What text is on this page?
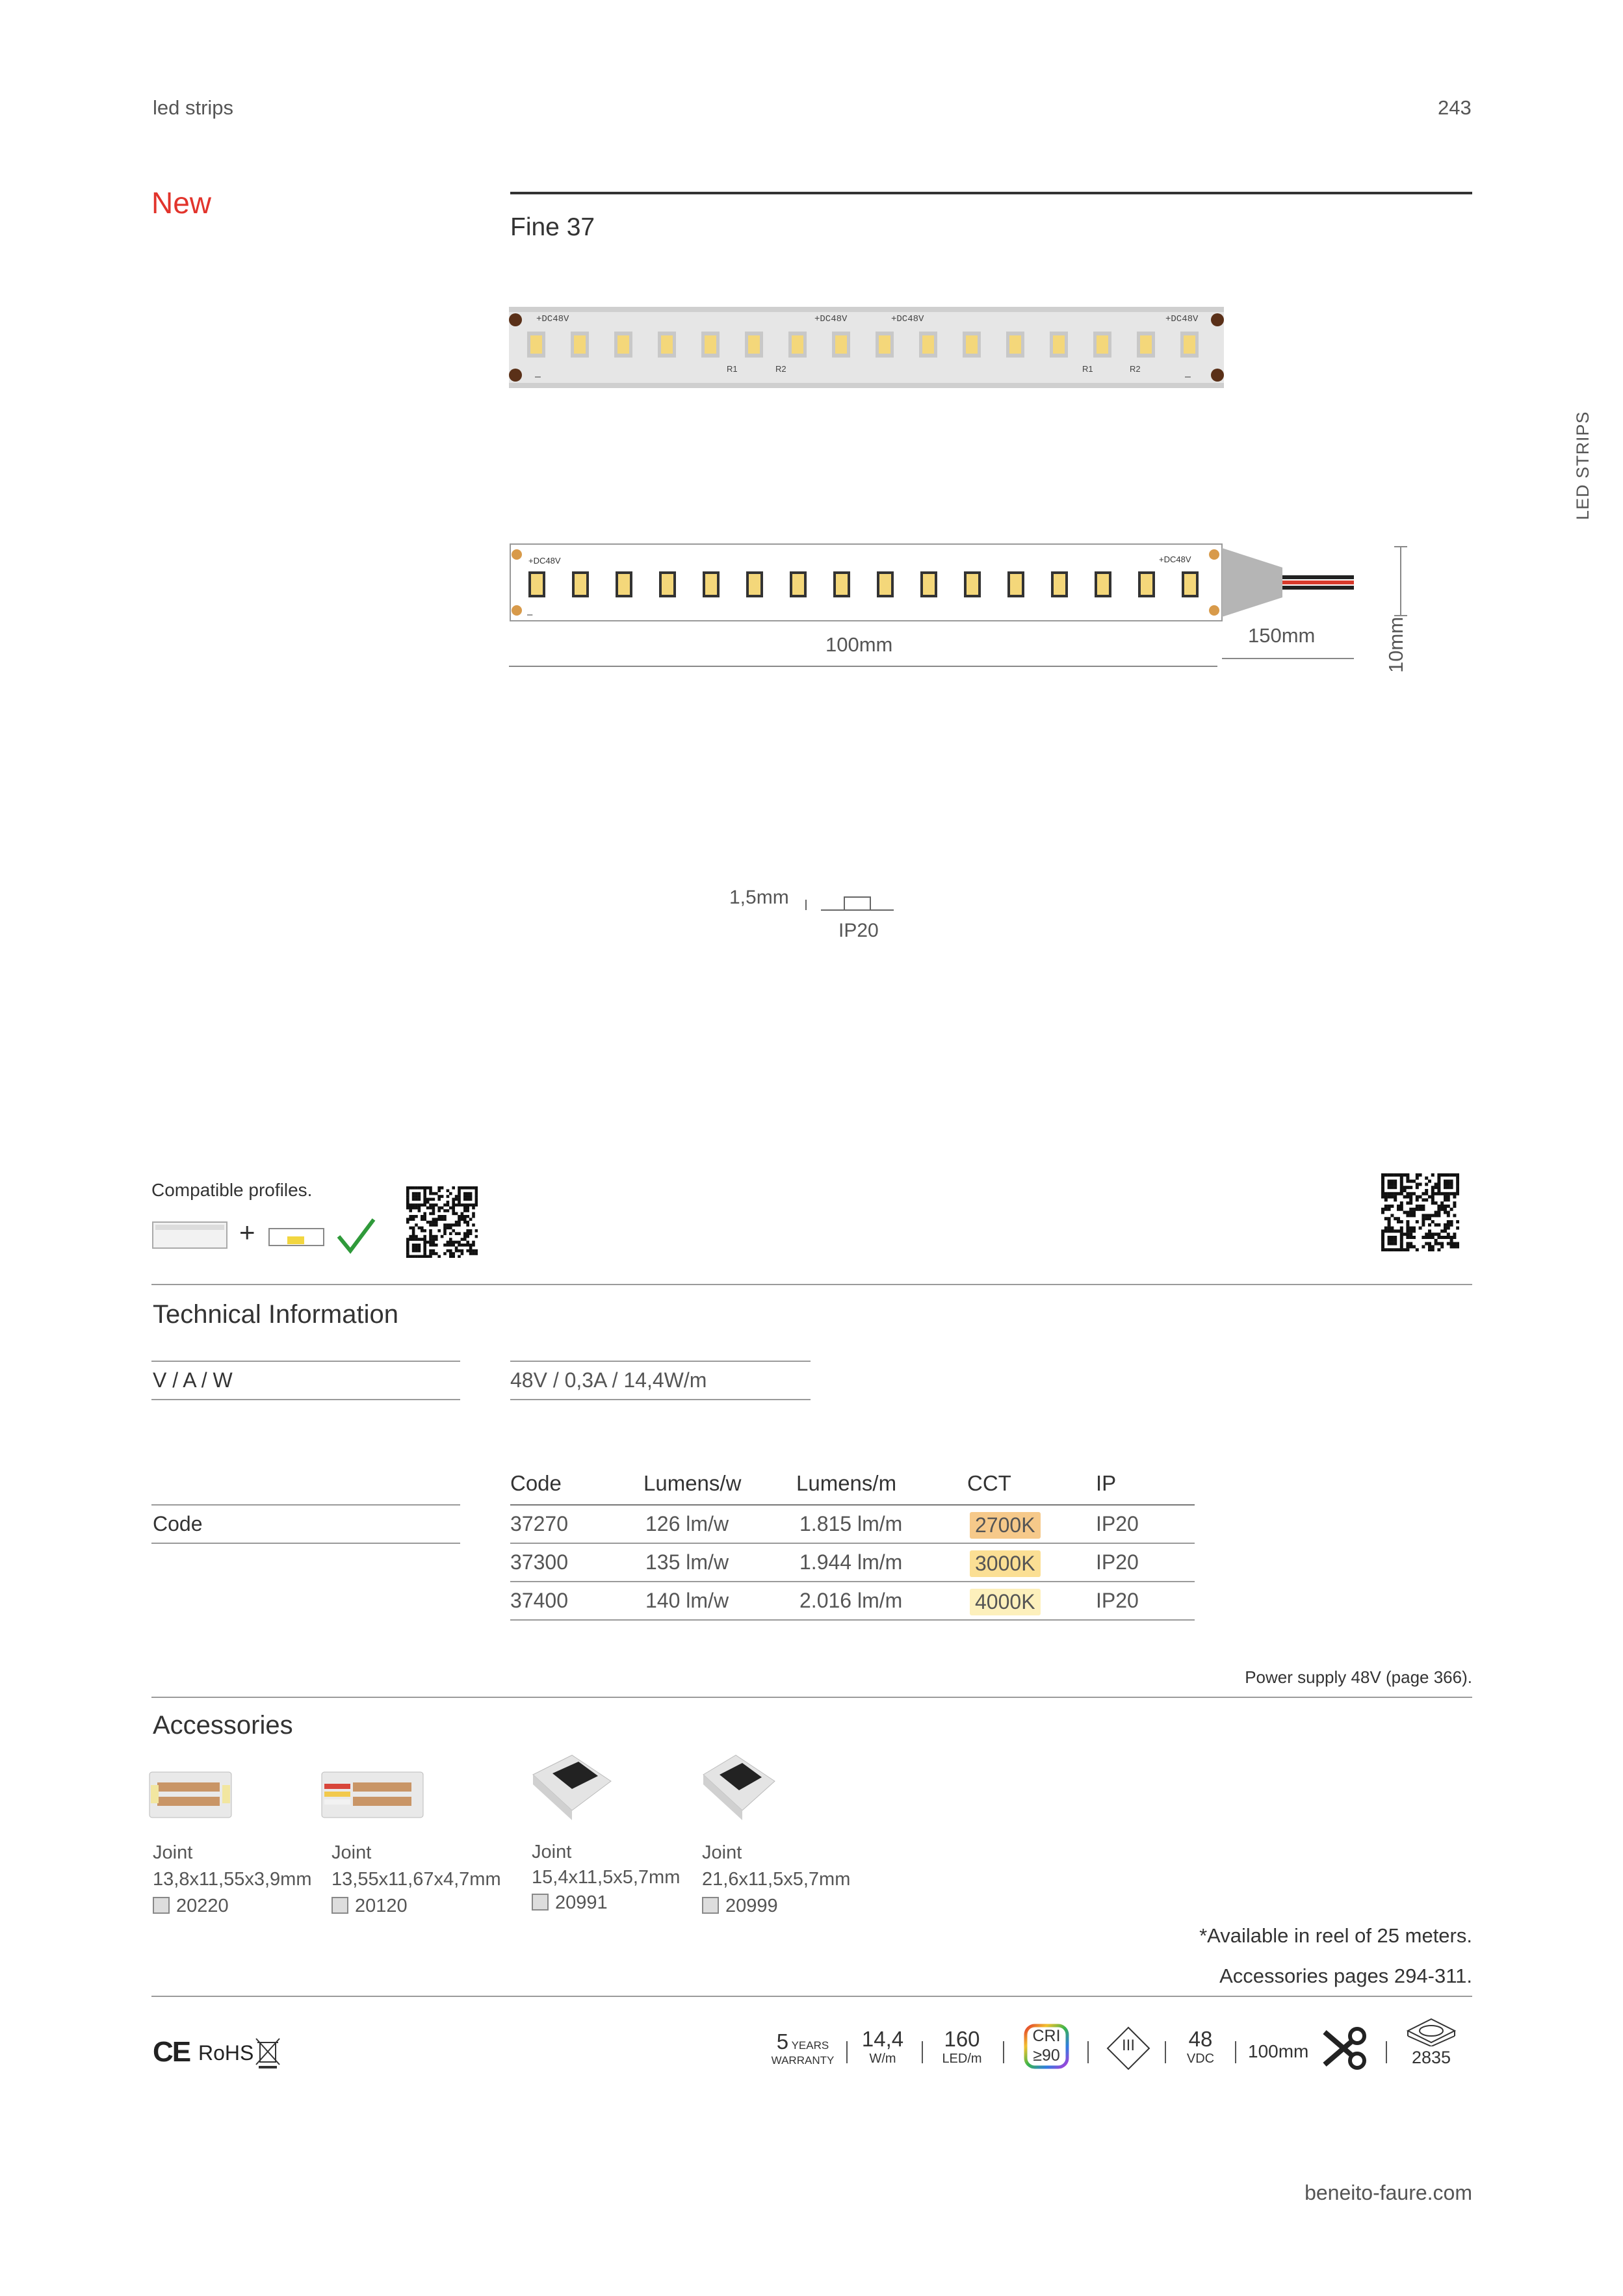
led strips	243
New
Fine 37
LED STRIPS
+DC48V	+DC48V	+DC48V	+DC48V
–	–
R1	R2	R1	R2
+DC48V	+DC48V
–
100mm	150mm	10mm
1,5mm
IP20
Compatible profiles.
+
Technical Information
V / A / W	48V / 0,3A / 14,4W/m
Code
Code	Lumens/w	Lumens/m	CCT	IP
37270	126 lm/w	1.815 lm/m	2700K	IP20
37300	135 lm/w	1.944 lm/m	3000K	IP20
37400	140 lm/w	2.016 lm/m	4000K	IP20
Power supply 48V (page 366).
Accessories
Joint
13,8x11,55x3,9mm
20220
Joint
13,55x11,67x4,7mm
20120
Joint
15,4x11,5x5,7mm
20991
Joint
21,6x11,5x5,7mm
20999
*Available in reel of 25 meters.
Accessories pages 294-311.
CE RoHS	5 YEARS
WARRANTY
14,4
W/m
160
LED/m
CRI
≥90
III	48
VDC	100mm	2835
beneito-faure.com
